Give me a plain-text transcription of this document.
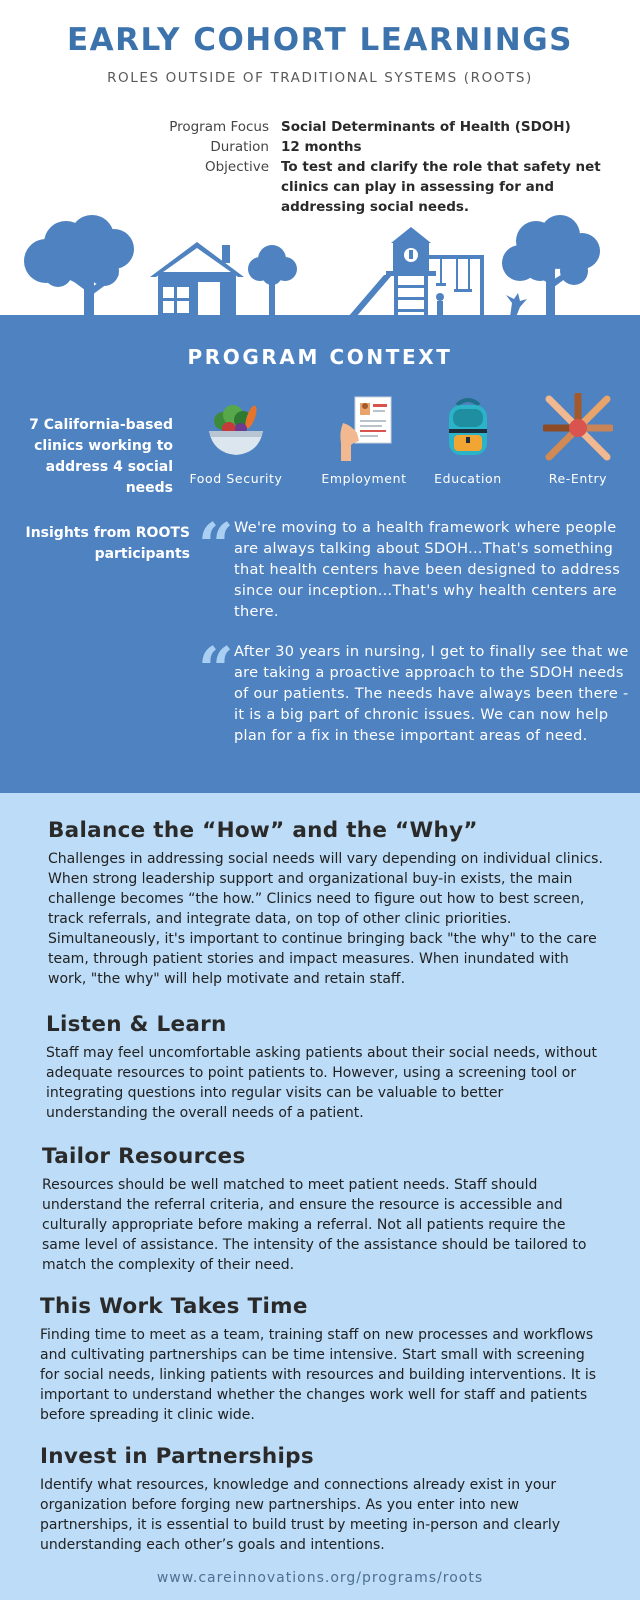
EARLY COHORT LEARNINGS
ROLES OUTSIDE OF TRADITIONAL SYSTEMS (ROOTS)
Program Focus Social Determinants of Health (SDOH)
Duration 12 months
Objective To test and clarify the role that safety net clinics can play in assessing for and addressing social needs.
PROGRAM CONTEXT
7 California-based clinics working to address 4 social needs
Food Security	Employment	Education	Re-Entry
Insights from ROOTS participants “ We're moving to a health framework where people are always talking about SDOH...That's something that health centers have been designed to address since our inception...That's why health centers are there.
“ After 30 years in nursing, I get to finally see that we are taking a proactive approach to the SDOH needs of our patients. The needs have always been there - it is a big part of chronic issues. We can now help plan for a fix in these important areas of need.
Balance the “How” and the “Why”

Challenges in addressing social needs will vary depending on individual clinics. When strong leadership support and organizational buy-in exists, the main challenge becomes “the how.” Clinics need to figure out how to best screen, track referrals, and integrate data, on top of other clinic priorities. Simultaneously, it's important to continue bringing back "the why" to the care team, through patient stories and impact measures. When inundated with work, "the why" will help motivate and retain staff.

Listen & Learn

Staff may feel uncomfortable asking patients about their social needs, without adequate resources to point patients to. However, using a screening tool or integrating questions into regular visits can be valuable to better understanding the overall needs of a patient.

Tailor Resources

Resources should be well matched to meet patient needs. Staff should understand the referral criteria, and ensure the resource is accessible and culturally appropriate before making a referral. Not all patients require the same level of assistance. The intensity of the assistance should be tailored to match the complexity of their need.

This Work Takes Time

Finding time to meet as a team, training staff on new processes and workflows and cultivating partnerships can be time intensive. Start small with screening for social needs, linking patients with resources and building interventions. It is important to understand whether the changes work well for staff and patients before spreading it clinic wide.

Invest in Partnerships

Identify what resources, knowledge and connections already exist in your organization before forging new partnerships. As you enter into new partnerships, it is essential to build trust by meeting in-person and clearly understanding each other’s goals and intentions.

www.careinnovations.org/programs/roots
